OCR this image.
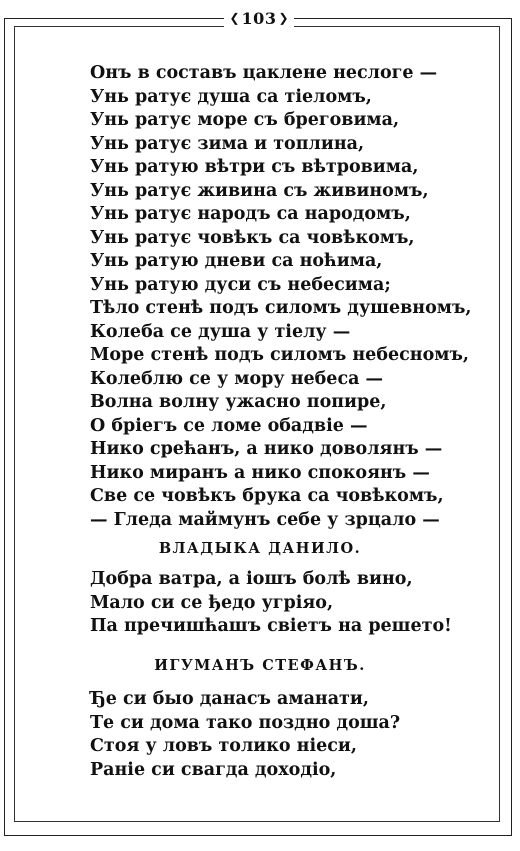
❮ 103 ❯
Онъ в составъ цаклене неслоге —
Унь ратує душа са тіеломъ,
Унь ратує море съ бреговима,
Унь ратує зима и топлина,
Унь ратую вѣтри съ вѣтровима,
Унь ратує живина съ живиномъ,
Унь ратує народъ са народомъ,
Унь ратує човѣкъ са човѣкомъ,
Унь ратую дневи са ноћима,
Унь ратую дуси съ небесима;
Тѣло стенѣ подъ силомъ душевномъ,
Колеба се душа у тіелу —
Море стенѣ подъ силомъ небесномъ,
Колеблю се у мору небеса —
Волна волну ужасно попире,
О бріегъ се ломе обадвіе —
Нико срећанъ, а нико доволянъ —
Нико миранъ а нико спокоянъ —
Све се човѣкъ брука са човѣкомъ,
— Гледа маймунъ себе у зрцало —
ВЛАДЫКА ДАНИЛО.
Добра ватра, а іошъ болѣ вино,
Мало си се ђедо угріяо,
Па пречишћашъ свіетъ на решето!
ИГУМАНЪ СТЕФАНЪ.
Ђе си быо данасъ аманати,
Те си дома тако поздно доша?
Стоя у ловъ толико ніеси,
Раніе си свагда доходіо,
